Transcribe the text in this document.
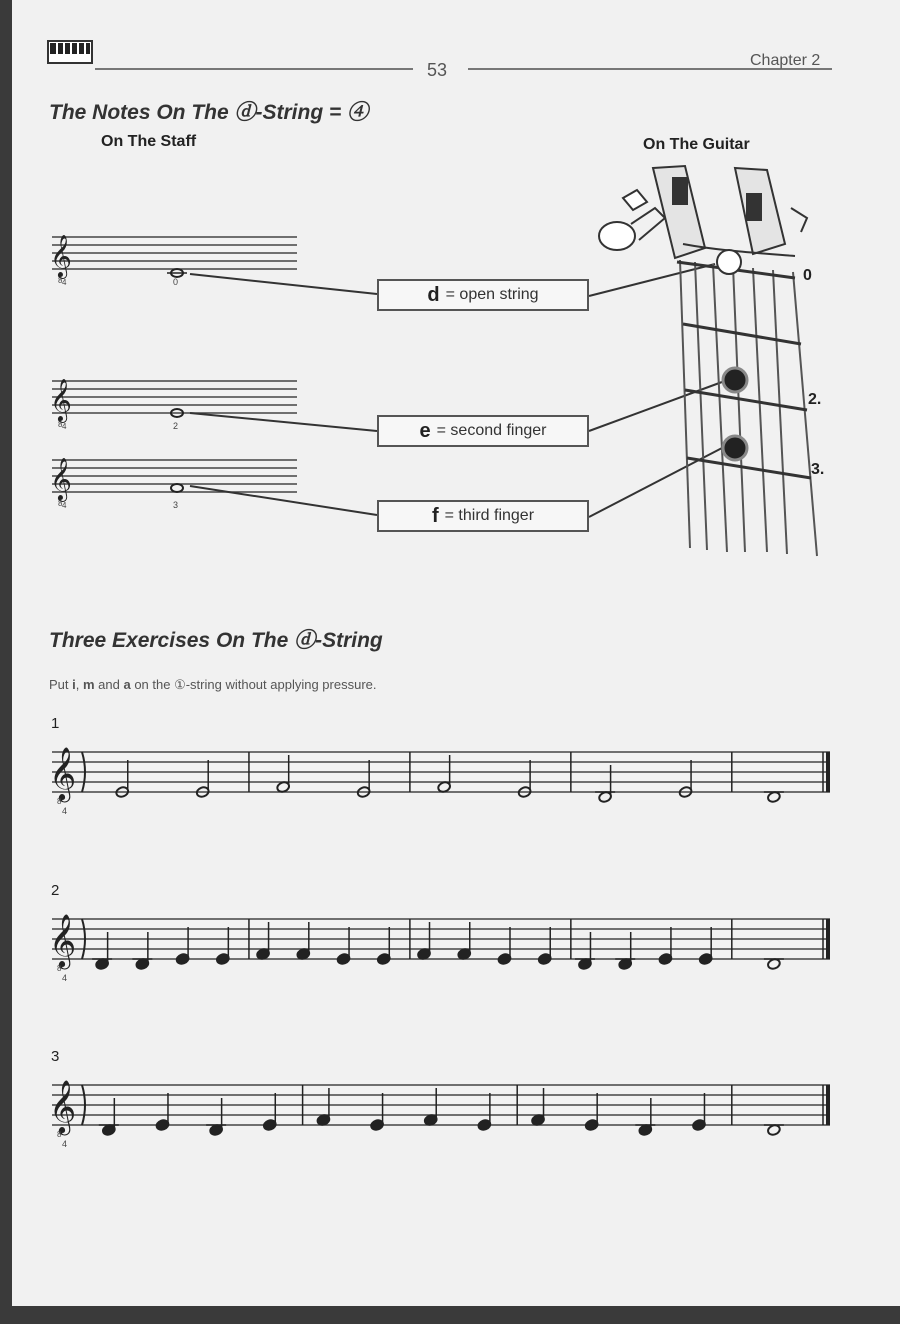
53	Chapter 2
The Notes On The ⓓ-String = ④
On The Staff	On The Guitar
𝄞
8	0
4
𝄞
8	2
4
𝄞
8	3
4
d = open string
e = second finger
f = third finger
0
2.
3.
Three Exercises On The ⓓ-String
Put i, m and a on the ①-string without applying pressure.
1
2
3
𝄞
8
4
𝄞
8
4
𝄞
8
4
